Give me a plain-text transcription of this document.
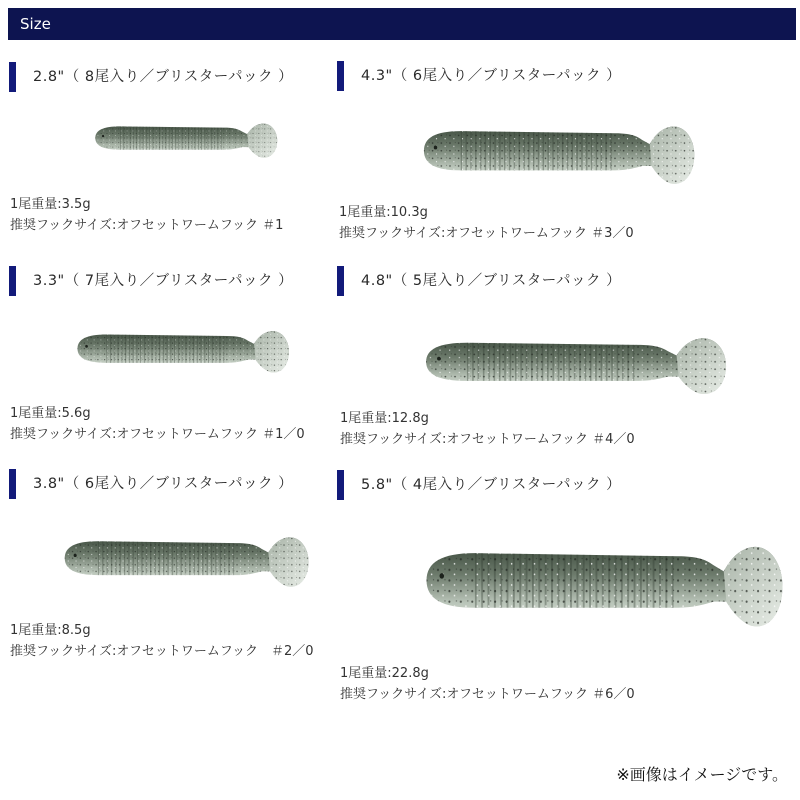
Size
2.8"（ 8尾入り／ブリスターパック ）
1尾重量:3.5g
推奨フックサイズ:オフセットワームフック ＃1
4.3"（ 6尾入り／ブリスターパック ）
1尾重量:10.3g
推奨フックサイズ:オフセットワームフック ＃3／0
3.3"（ 7尾入り／ブリスターパック ）
1尾重量:5.6g
推奨フックサイズ:オフセットワームフック ＃1／0
4.8"（ 5尾入り／ブリスターパック ）
1尾重量:12.8g
推奨フックサイズ:オフセットワームフック ＃4／0
3.8"（ 6尾入り／ブリスターパック ）
1尾重量:8.5g
推奨フックサイズ:オフセットワームフック　＃2／0
5.8"（ 4尾入り／ブリスターパック ）
1尾重量:22.8g
推奨フックサイズ:オフセットワームフック ＃6／0
※画像はイメージです。
